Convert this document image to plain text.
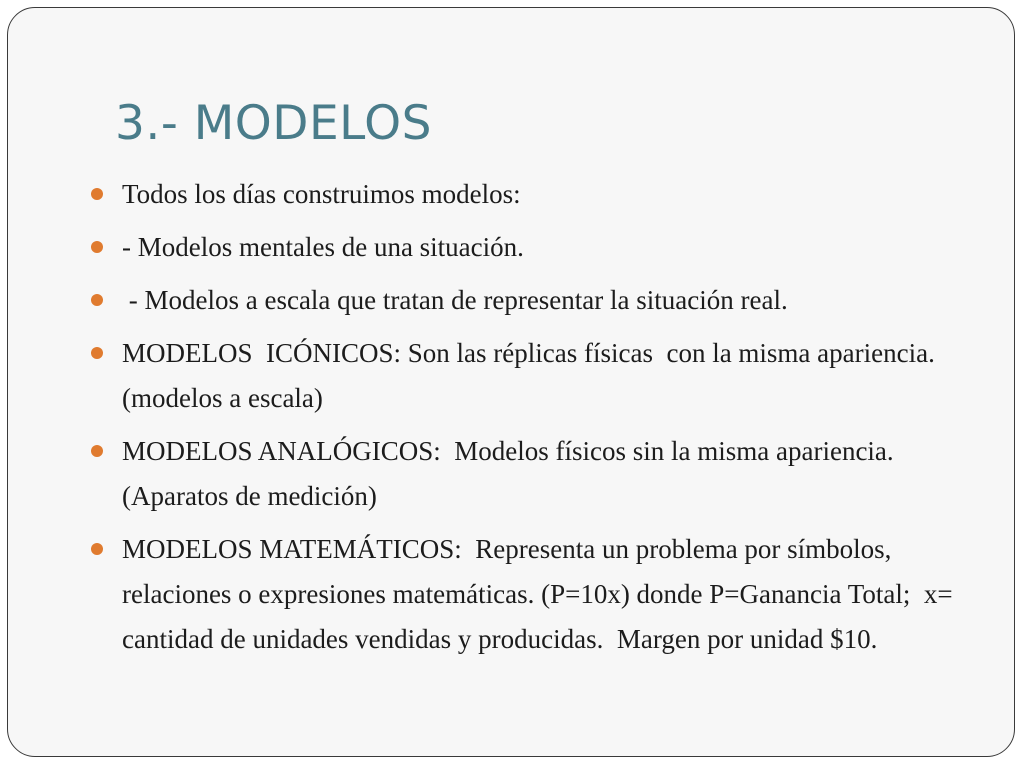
3.- MODELOS
Todos los días construimos modelos:
- Modelos mentales de una situación.
- Modelos a escala que tratan de representar la situación real.
MODELOS  ICÓNICOS: Son las réplicas físicas  con la misma apariencia. (modelos a escala)
MODELOS ANALÓGICOS:  Modelos físicos sin la misma apariencia. (Aparatos de medición)
MODELOS MATEMÁTICOS:  Representa un problema por símbolos, relaciones o expresiones matemáticas. (P=10x) donde P=Ganancia Total;  x= cantidad de unidades vendidas y producidas.  Margen por unidad $10.
